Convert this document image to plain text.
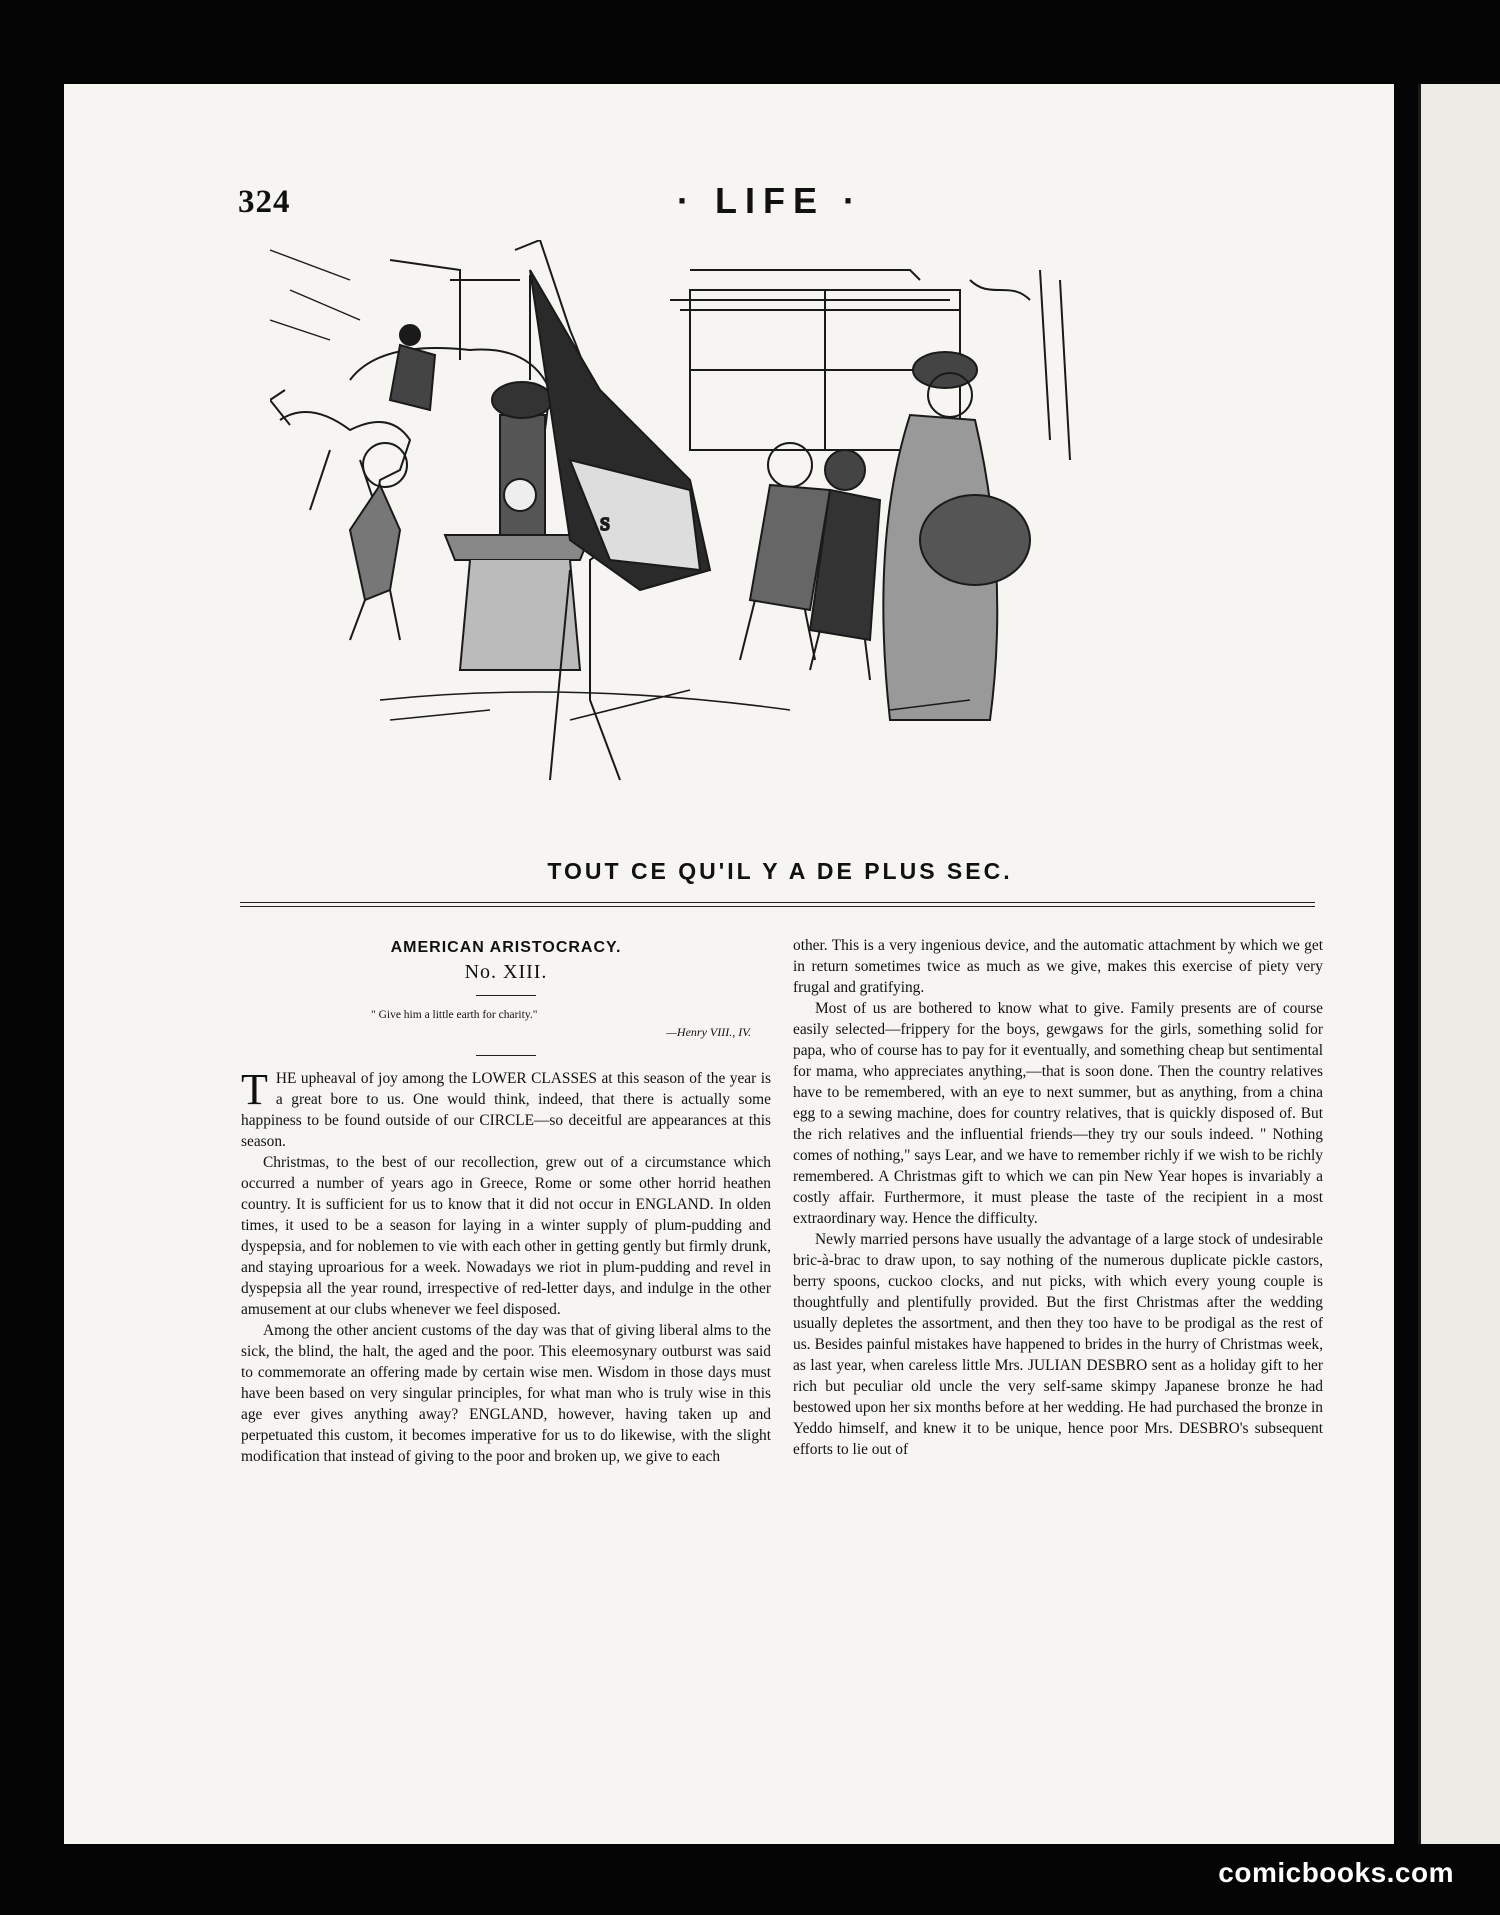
324	· LIFE ·
S
TOUT CE QU'IL Y A DE PLUS SEC.
AMERICAN ARISTOCRACY.
No. XIII.
" Give him a little earth for charity."
—Henry VIII., IV.

THE upheaval of joy among the LOWER CLASSES at this season of the year is a great bore to us. One would think, indeed, that there is actually some happiness to be found outside of our CIRCLE—so deceitful are appearances at this season.

Christmas, to the best of our recollection, grew out of a circumstance which occurred a number of years ago in Greece, Rome or some other horrid heathen country. It is sufficient for us to know that it did not occur in ENGLAND. In olden times, it used to be a season for laying in a winter supply of plum-pudding and dyspepsia, and for noblemen to vie with each other in getting gently but firmly drunk, and staying uproarious for a week. Nowadays we riot in plum-pudding and revel in dyspepsia all the year round, irrespective of red-letter days, and indulge in the other amusement at our clubs whenever we feel disposed.

Among the other ancient customs of the day was that of giving liberal alms to the sick, the blind, the halt, the aged and the poor. This eleemosynary outburst was said to commemorate an offering made by certain wise men. Wisdom in those days must have been based on very singular principles, for what man who is truly wise in this age ever gives anything away? ENGLAND, however, having taken up and perpetuated this custom, it becomes imperative for us to do likewise, with the slight modification that instead of giving to the poor and broken up, we give to each

other. This is a very ingenious device, and the automatic attachment by which we get in return sometimes twice as much as we give, makes this exercise of piety very frugal and gratifying.

Most of us are bothered to know what to give. Family presents are of course easily selected—frippery for the boys, gewgaws for the girls, something solid for papa, who of course has to pay for it eventually, and something cheap but sentimental for mama, who appreciates anything,—that is soon done. Then the country relatives have to be remembered, with an eye to next summer, but as anything, from a china egg to a sewing machine, does for country relatives, that is quickly disposed of. But the rich relatives and the influential friends—they try our souls indeed. " Nothing comes of nothing," says Lear, and we have to remember richly if we wish to be richly remembered. A Christmas gift to which we can pin New Year hopes is invariably a costly affair. Furthermore, it must please the taste of the recipient in a most extraordinary way. Hence the difficulty.

Newly married persons have usually the advantage of a large stock of undesirable bric-à-brac to draw upon, to say nothing of the numerous duplicate pickle castors, berry spoons, cuckoo clocks, and nut picks, with which every young couple is thoughtfully and plentifully provided. But the first Christmas after the wedding usually depletes the assortment, and then they too have to be prodigal as the rest of us. Besides painful mistakes have happened to brides in the hurry of Christmas week, as last year, when careless little Mrs. JULIAN DESBRO sent as a holiday gift to her rich but peculiar old uncle the very self-same skimpy Japanese bronze he had bestowed upon her six months before at her wedding. He had purchased the bronze in Yeddo himself, and knew it to be unique, hence poor Mrs. DESBRO's subsequent efforts to lie out of

comicbooks.com
